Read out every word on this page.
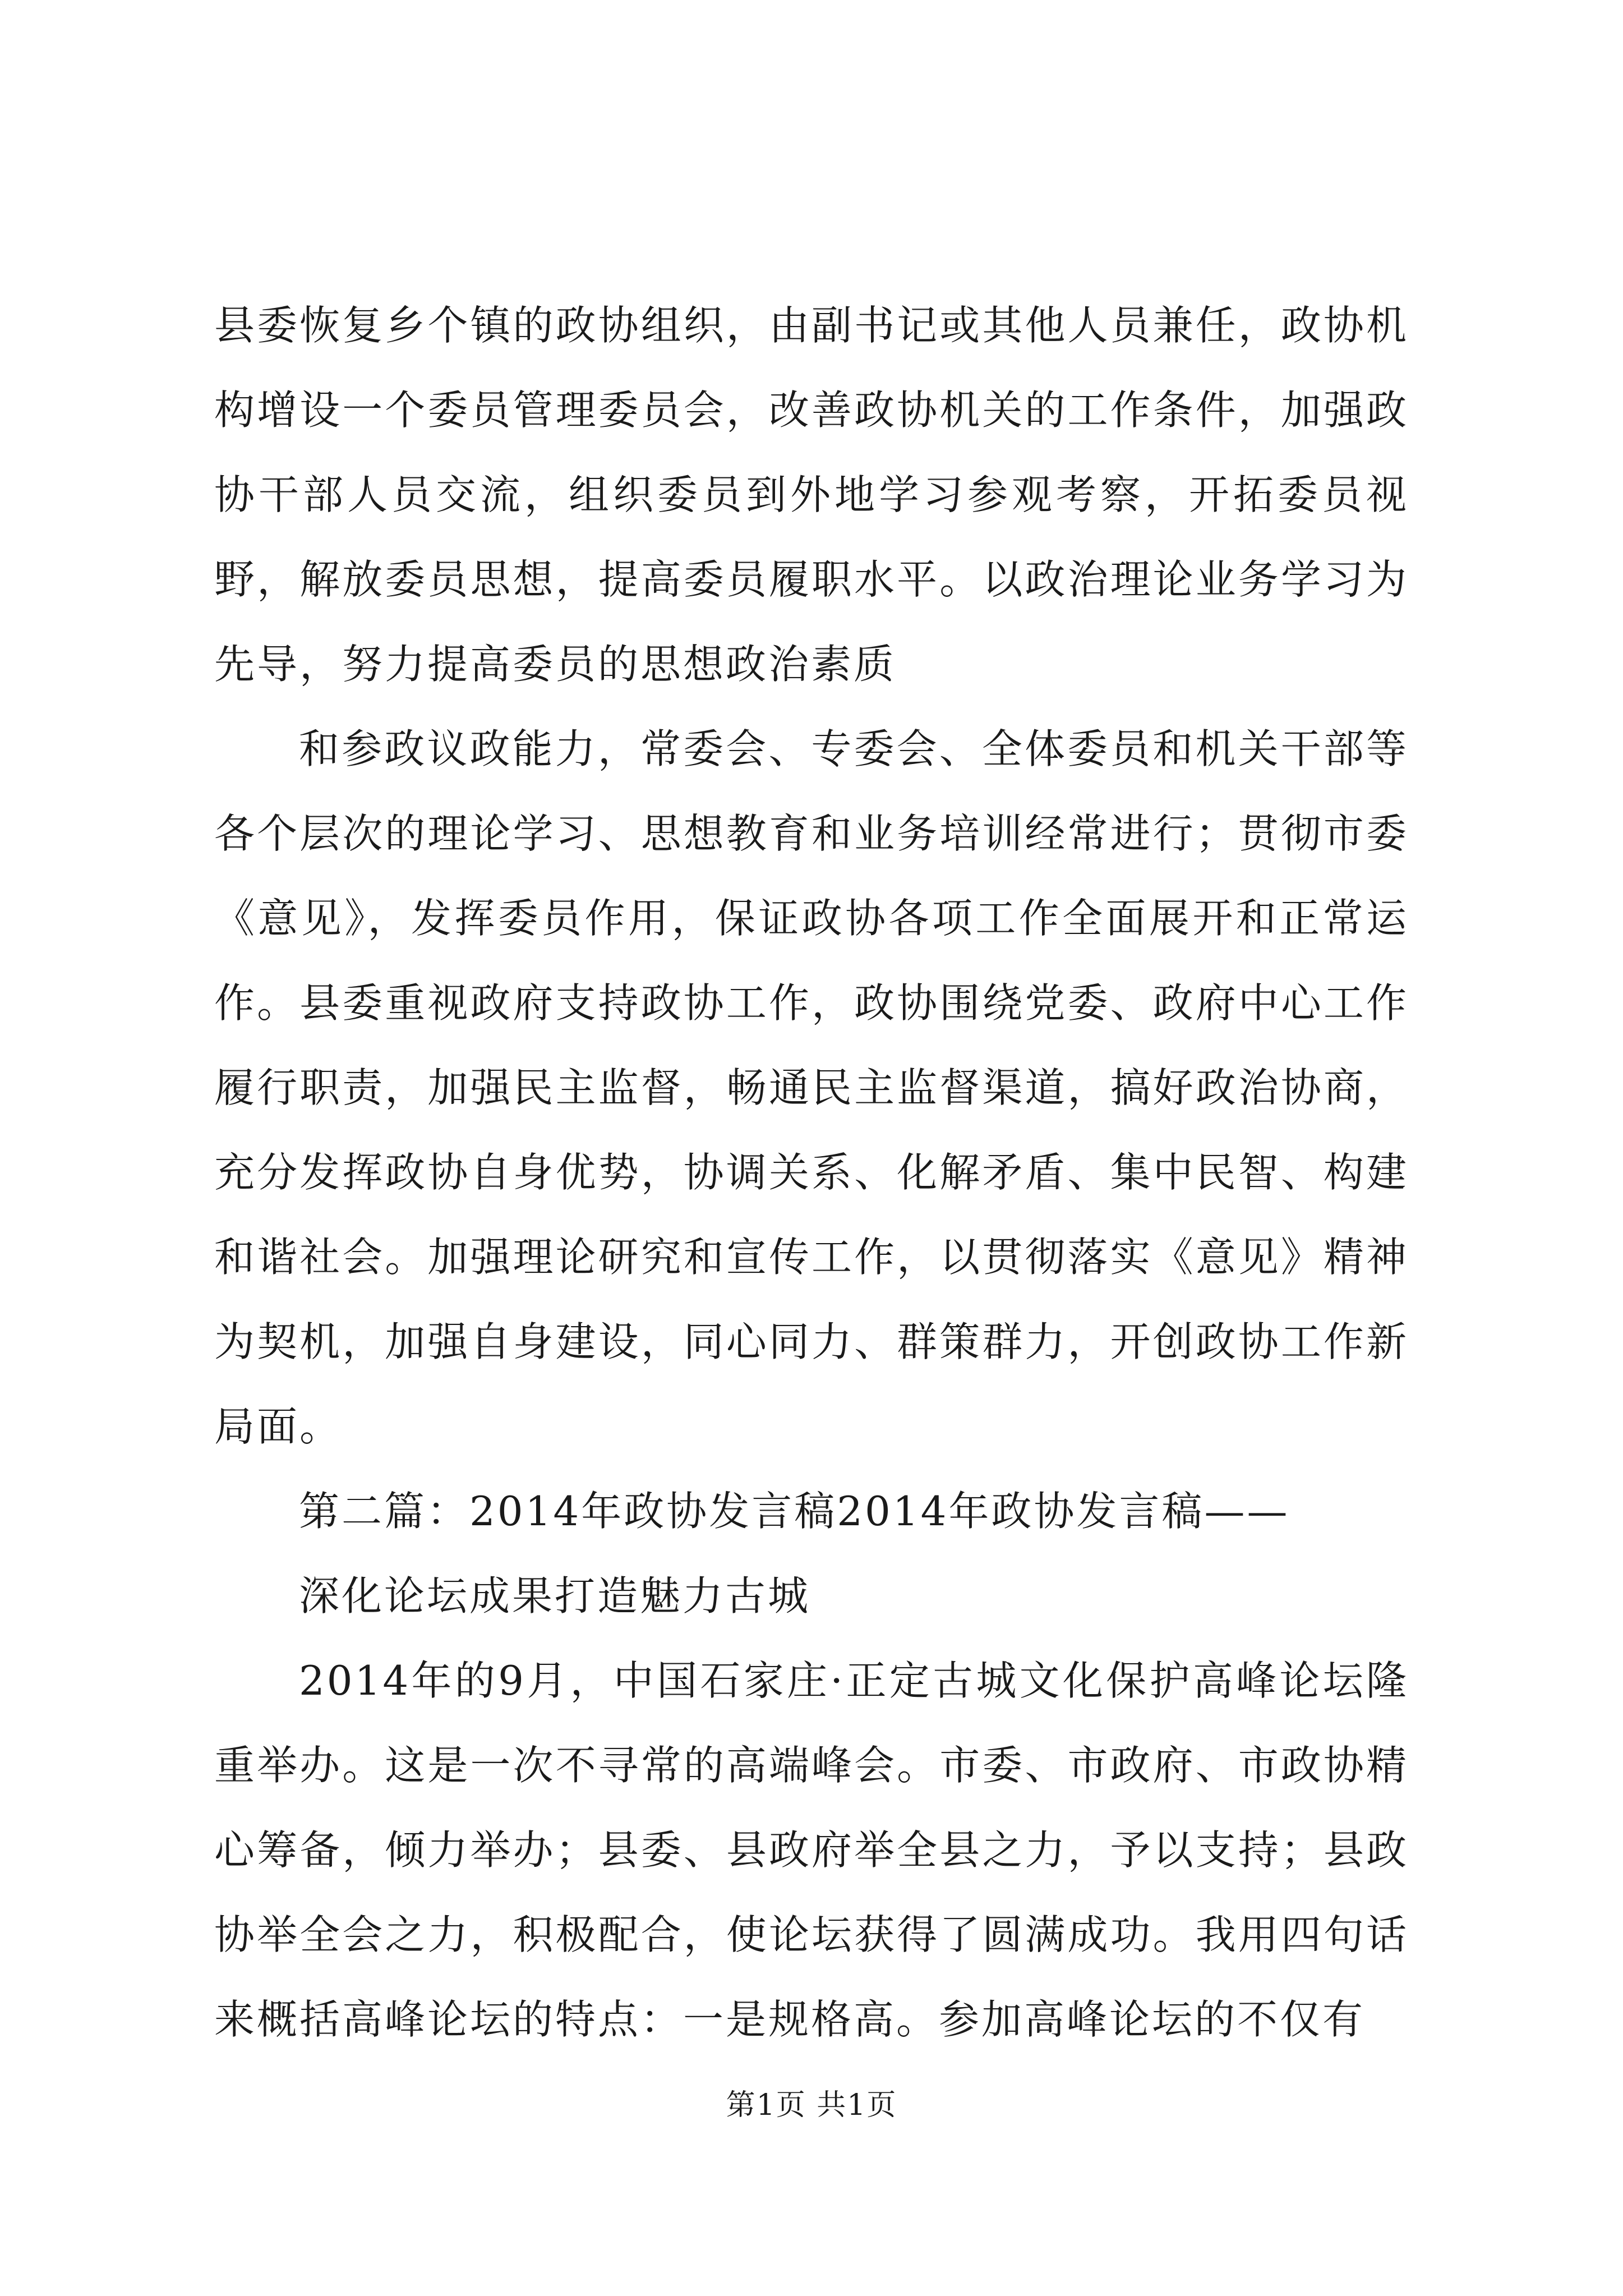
县委恢复乡个镇的政协组织，由副书记或其他人员兼任，政协机构增设一个委员管理委员会，改善政协机关的工作条件，加强政协干部人员交流，组织委员到外地学习参观考察，开拓委员视野，解放委员思想，提高委员履职水平。以政治理论业务学习为先导，努力提高委员的思想政治素质

和参政议政能力，常委会、专委会、全体委员和机关干部等各个层次的理论学习、思想教育和业务培训经常进行；贯彻市委《意见》，发挥委员作用，保证政协各项工作全面展开和正常运作。县委重视政府支持政协工作，政协围绕党委、政府中心工作履行职责，加强民主监督，畅通民主监督渠道，搞好政治协商，充分发挥政协自身优势，协调关系、化解矛盾、集中民智、构建和谐社会。加强理论研究和宣传工作，以贯彻落实《意见》精神为契机，加强自身建设，同心同力、群策群力，开创政协工作新局面。

第二篇：2014年政协发言稿2014年政协发言稿——

深化论坛成果打造魅力古城

2014年的9月，中国石家庄·正定古城文化保护高峰论坛隆重举办。这是一次不寻常的高端峰会。市委、市政府、市政协精心筹备，倾力举办；县委、县政府举全县之力，予以支持；县政协举全会之力，积极配合，使论坛获得了圆满成功。我用四句话来概括高峰论坛的特点：一是规格高。参加高峰论坛的不仅有

第1页 共1页
